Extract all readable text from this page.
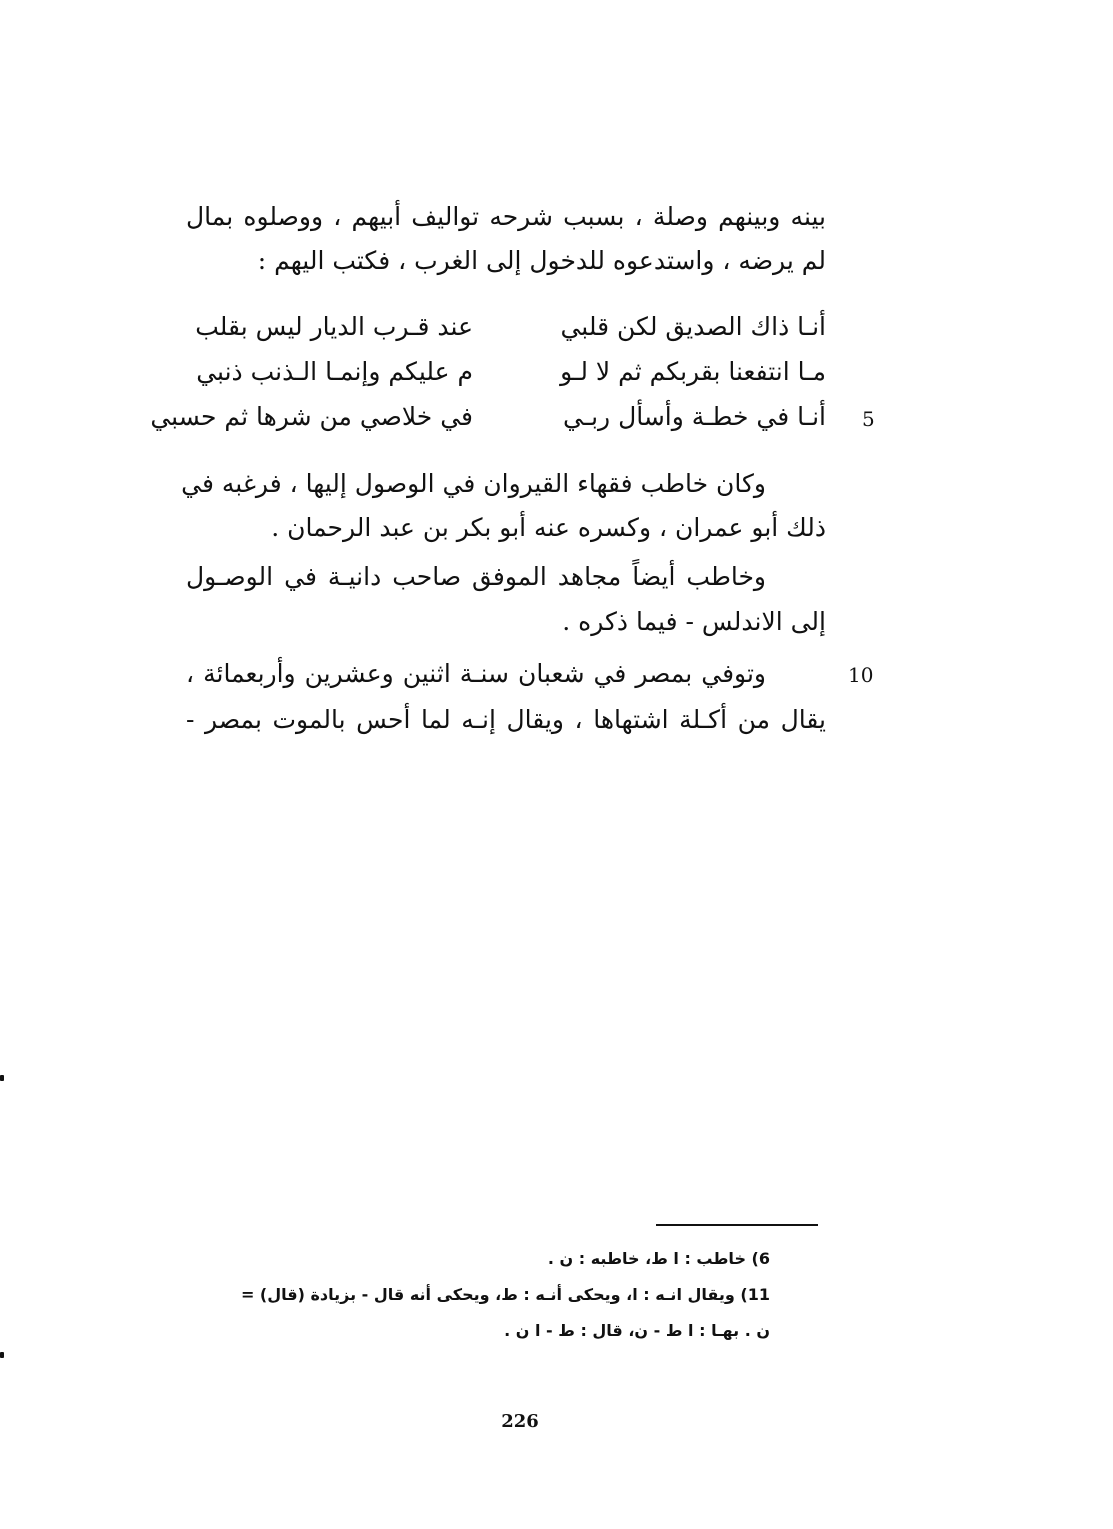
بينه وبينهم وصلة ، بسبب شرحه تواليف أبيهم ، ووصلوه بمال
لم يرضه ، واستدعوه للدخول إلى الغرب ، فكتب اليهم :
أنـا ذاك الصديق لكن قلبي
عند قـرب الديار ليس بقلب
مـا انتفعنا بقربكم ثم لا لـو
م عليكم وإنمـا الـذنب ذنبي
أنـا في خطـة وأسأل ربـي
في خلاصي من شرها ثم حسبي	5
وكان خاطب فقهاء القيروان في الوصول إليها ، فرغبه في
ذلك أبو عمران ، وكسره عنه أبو بكر بن عبد الرحمان .
وخاطب أيضاً مجاهد الموفق صاحب دانيـة في الوصـول
إلى الاندلس - فيما ذكره .
وتوفي بمصر في شعبان سنـة اثنين وعشرين وأربعمائة ،	10
يقال من أكـلة اشتهاها ، ويقال إنـه لما أحس بالموت بمصر -
6) خاطب : ا ط، خاطبه : ن .
11) ويقال انـه : ا، ويحكى أنـه : ط، ويحكى أنه قال - بزيادة (قال) =
ن . بهـا : ا ط - ن، قال : ط - ا ن .
226
